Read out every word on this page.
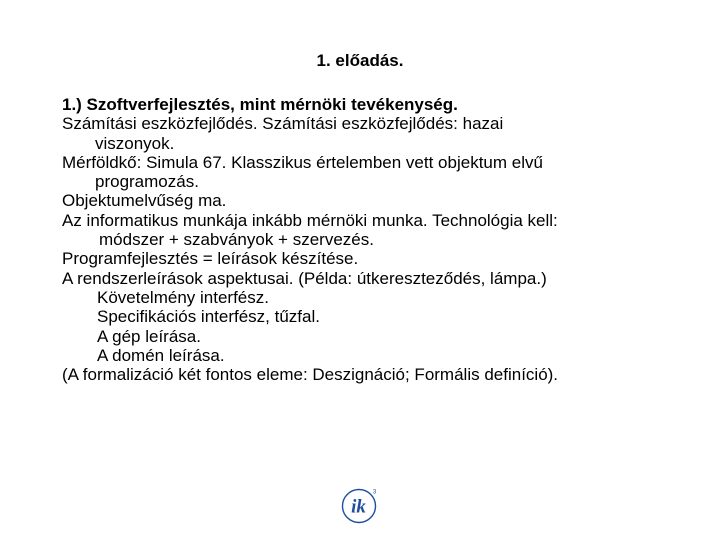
1. előadás.
1.) Szoftverfejlesztés, mint mérnöki tevékenység.
Számítási eszközfejlődés. Számítási eszközfejlődés: hazai
viszonyok.
Mérföldkő: Simula 67. Klasszikus értelemben vett objektum elvű
programozás.
Objektumelvűség ma.
Az informatikus munkája inkább mérnöki munka. Technológia kell:
módszer + szabványok + szervezés.
Programfejlesztés = leírások készítése.
A rendszerleírások aspektusai. (Példa: útkereszteződés, lámpa.)
Követelmény interfész.
Specifikációs interfész, tűzfal.
A gép leírása.
A domén leírása.
(A formalizáció két fontos eleme: Deszignáció; Formális definíció).
ik
3
